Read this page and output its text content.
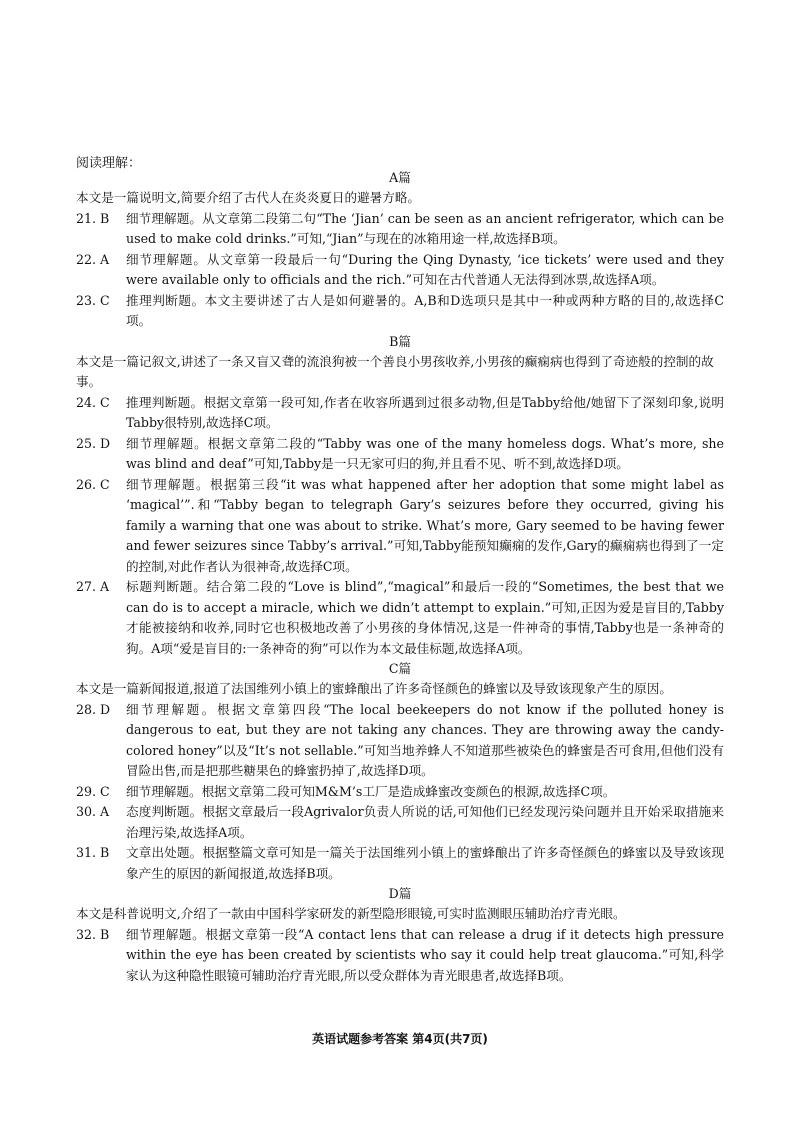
阅读理解：
A篇
本文是一篇说明文,简要介绍了古代人在炎炎夏日的避暑方略。
21. B	细节理解题。从文章第二段第二句“The ‘Jian’ can be seen as an ancient refrigerator, which can be used to make cold drinks.”可知,“Jian”与现在的冰箱用途一样,故选择B项。
22. A	细节理解题。从文章第一段最后一句“During the Qing Dynasty, ‘ice tickets’ were used and they were available only to officials and the rich.”可知在古代普通人无法得到冰票,故选择A项。
23. C	推理判断题。本文主要讲述了古人是如何避暑的。A,B和D选项只是其中一种或两种方略的目的,故选择C项。
B篇
本文是一篇记叙文,讲述了一条又盲又聋的流浪狗被一个善良小男孩收养,小男孩的癫痫病也得到了奇迹般的控制的故事。
24. C	推理判断题。根据文章第一段可知,作者在收容所遇到过很多动物,但是Tabby给他/她留下了深刻印象,说明Tabby很特别,故选择C项。
25. D	细节理解题。根据文章第二段的“Tabby was one of the many homeless dogs. What’s more, she was blind and deaf”可知,Tabby是一只无家可归的狗,并且看不见、听不到,故选择D项。
26. C	细节理解题。根据第三段“it was what happened after her adoption that some might label as ‘magical’”.和“Tabby began to telegraph Gary’s seizures before they occurred, giving his family a warning that one was about to strike. What’s more, Gary seemed to be having fewer and fewer seizures since Tabby’s arrival.”可知,Tabby能预知癫痫的发作,Gary的癫痫病也得到了一定的控制,对此作者认为很神奇,故选择C项。
27. A	标题判断题。结合第二段的“Love is blind”,“magical”和最后一段的“Sometimes, the best that we can do is to accept a miracle, which we didn’t attempt to explain.”可知,正因为爱是盲目的,Tabby才能被接纳和收养,同时它也积极地改善了小男孩的身体情况,这是一件神奇的事情,Tabby也是一条神奇的狗。A项“爱是盲目的:一条神奇的狗”可以作为本文最佳标题,故选择A项。
C篇
本文是一篇新闻报道,报道了法国维列小镇上的蜜蜂酿出了许多奇怪颜色的蜂蜜以及导致该现象产生的原因。
28. D	细节理解题。根据文章第四段“The local beekeepers do not know if the polluted honey is dangerous to eat, but they are not taking any chances. They are throwing away the candy-colored honey”以及“It’s not sellable.”可知当地养蜂人不知道那些被染色的蜂蜜是否可食用,但他们没有冒险出售,而是把那些糖果色的蜂蜜扔掉了,故选择D项。
29. C	细节理解题。根据文章第二段可知M&M’s工厂是造成蜂蜜改变颜色的根源,故选择C项。
30. A	态度判断题。根据文章最后一段Agrivalor负责人所说的话,可知他们已经发现污染问题并且开始采取措施来治理污染,故选择A项。
31. B	文章出处题。根据整篇文章可知是一篇关于法国维列小镇上的蜜蜂酿出了许多奇怪颜色的蜂蜜以及导致该现象产生的原因的新闻报道,故选择B项。
D篇
本文是科普说明文,介绍了一款由中国科学家研发的新型隐形眼镜,可实时监测眼压辅助治疗青光眼。
32. B	细节理解题。根据文章第一段“A contact lens that can release a drug if it detects high pressure within the eye has been created by scientists who say it could help treat glaucoma.”可知,科学家认为这种隐性眼镜可辅助治疗青光眼,所以受众群体为青光眼患者,故选择B项。
英语试题参考答案 第4页(共7页)
